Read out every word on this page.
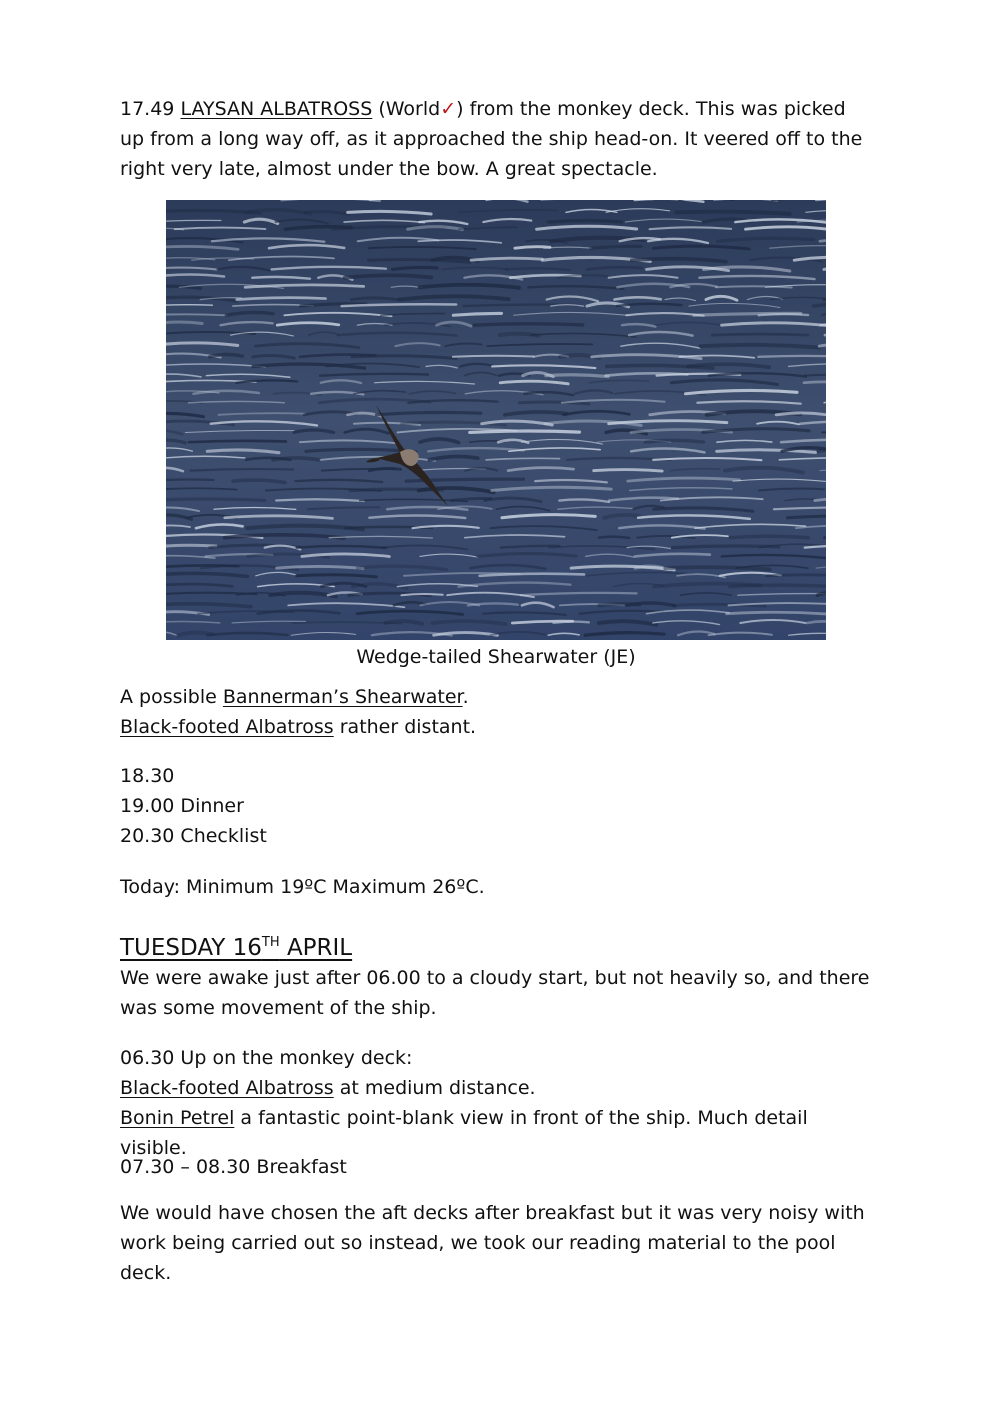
17.49 LAYSAN ALBATROSS (World✓) from the monkey deck. This was picked
up from a long way off, as it approached the ship head-on. It veered off to the
right very late, almost under the bow. A great spectacle.

Wedge-tailed Shearwater (JE)

A possible Bannerman’s Shearwater.
Black-footed Albatross rather distant.

18.30
19.00 Dinner
20.30 Checklist

Today: Minimum 19ºC Maximum 26ºC.

TUESDAY 16TH APRIL

We were awake just after 06.00 to a cloudy start, but not heavily so, and there
was some movement of the ship.

06.30 Up on the monkey deck:
Black-footed Albatross at medium distance.
Bonin Petrel a fantastic point-blank view in front of the ship. Much detail visible.

07.30 – 08.30 Breakfast

We would have chosen the aft decks after breakfast but it was very noisy with
work being carried out so instead, we took our reading material to the pool deck.
